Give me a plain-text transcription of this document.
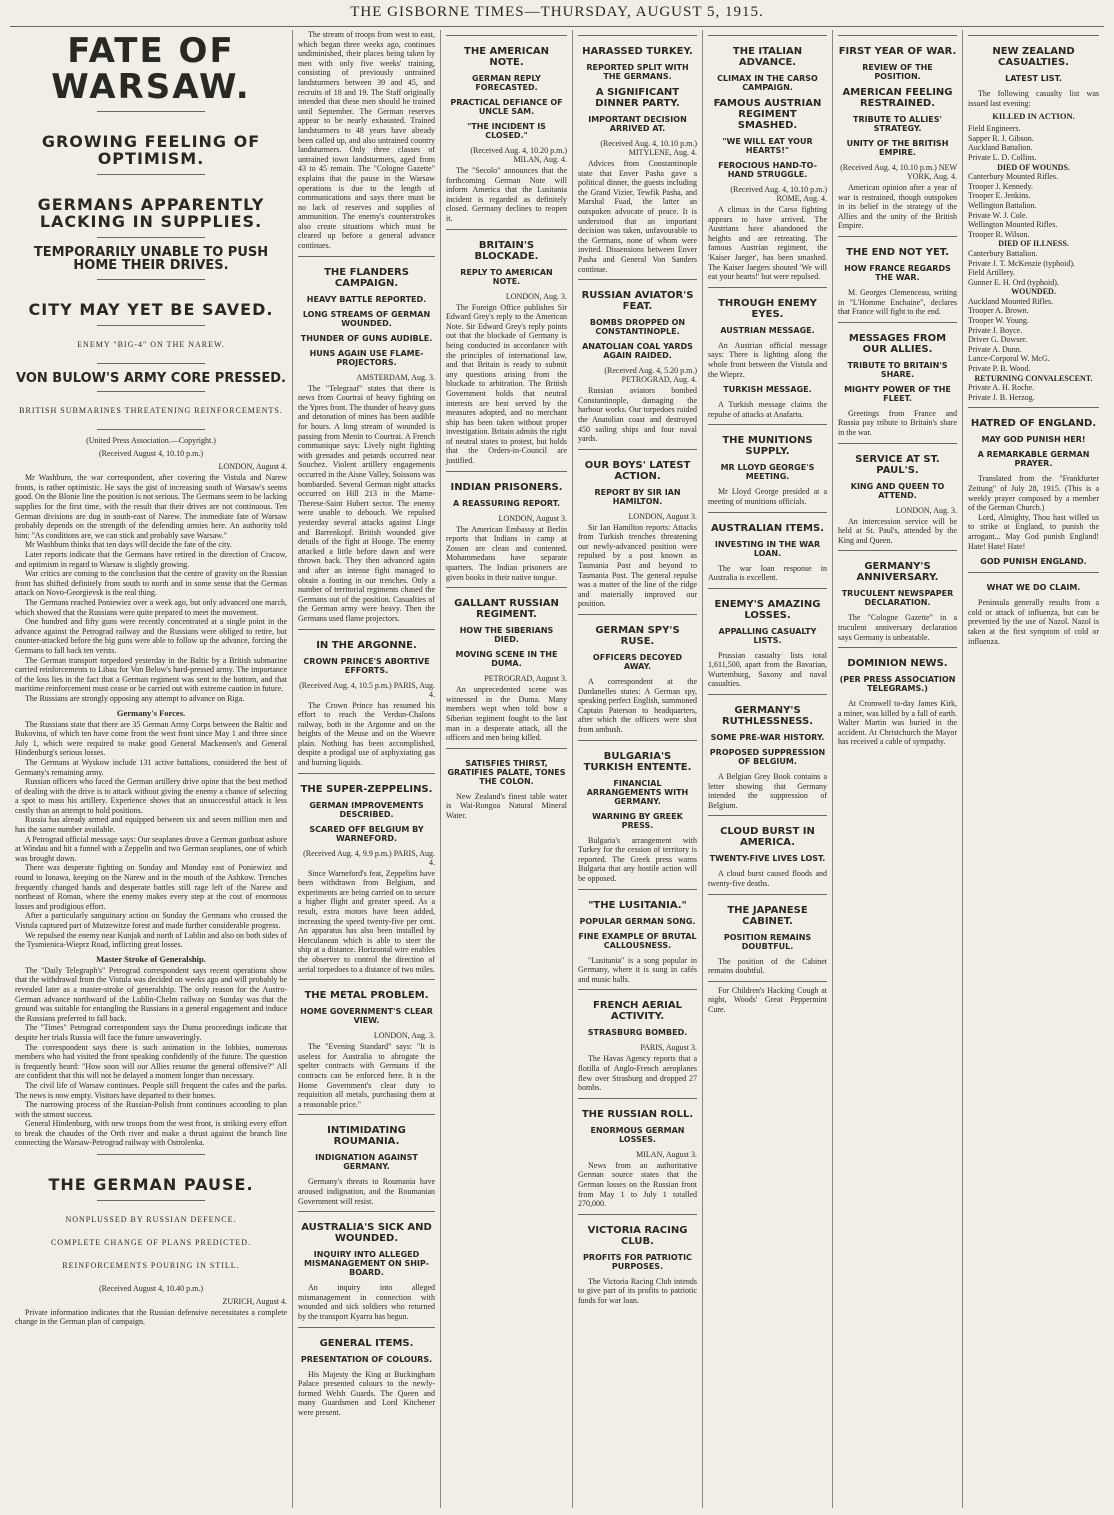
THE GISBORNE TIMES—THURSDAY, AUGUST 5, 1915.
FATE OF WARSAW.
GROWING FEELING OF OPTIMISM.
GERMANS APPARENTLY LACKING IN SUPPLIES.
TEMPORARILY UNABLE TO PUSH HOME THEIR DRIVES.
CITY MAY YET BE SAVED.
ENEMY "BIG-4" ON THE NAREW.
VON BULOW'S ARMY CORE PRESSED.
BRITISH SUBMARINES THREATENING REINFORCEMENTS.
(United Press Association.—Copyright.)
(Received August 4, 10.10 p.m.)
LONDON, August 4.

Mr Washburn, the war correspondent, after covering the Vistula and Narew fronts, is rather optimistic. He says the gist of increasing south of Warsaw's seems good. On the Blonie line the position is not serious. The Germans seem to be lacking supplies for the first time, with the result that their drives are not continuous. Ten German divisions are dug in south-east of Narew. The immediate fate of Warsaw probably depends on the strength of the defending armies here. An authority told him: "As conditions are, we can stick and probably save Warsaw."

Mr Washburn thinks that ten days will decide the fate of the city.

Later reports indicate that the Germans have retired in the direction of Cracow, and optimism in regard to Warsaw is slightly growing.

War critics are coming to the conclusion that the centre of gravity on the Russian front has shifted definitely from south to north and in some sense that the German attack on Novo-Georgievsk is the real thing.

The Germans reached Poniewiez over a week ago, but only advanced one march, which showed that the Russians were quite prepared to meet the movement.

One hundred and fifty guns were recently concentrated at a single point in the advance against the Petrograd railway and the Russians were obliged to retire, but counter-attacked before the big guns were able to follow up the advance, forcing the Germans to fall back ten versts.

The German transport torpedoed yesterday in the Baltic by a British submarine carried reinforcements to Libau for Von Below's hard-pressed army. The importance of the loss lies in the fact that a German regiment was sent to the bottom, and that maritime reinforcement must cease or be carried out with extreme caution in future.

The Russians are strongly opposing any attempt to advance on Riga.

Germany's Forces.

The Russians state that there are 35 German Army Corps between the Baltic and Bukovina, of which ten have come from the west front since May 1 and three since July 1, which were required to make good General Mackensen's and General Hindenburg's serious losses.

The Germans at Wyskow include 131 active battalions, considered the best of Germany's remaining army.

Russian officers who faced the German artillery drive opine that the best method of dealing with the drive is to attack without giving the enemy a chance of selecting a spot to mass his artillery. Experience shows that an unsuccessful attack is less costly than an attempt to hold positions.

Russia has already armed and equipped between six and seven million men and has the same number available.

A Petrograd official message says: Our seaplanes drove a German gunboat ashore at Windau and hit a funnel with a Zeppelin and two German seaplanes, one of which was brought down.

There was desperate fighting on Sunday and Monday east of Poniewiez and round to Ionawa, keeping on the Narew and in the mouth of the Ashkow. Trenches frequently changed hands and desperate battles still rage left of the Narew and northeast of Roman, where the enemy makes every step at the cost of enormous losses and prodigious effort.

After a particularly sanguinary action on Sunday the Germans who crossed the Vistula captured part of Mutzewitze forest and made further considerable progress.

We repulsed the enemy near Kunjak and north of Lublin and also on both sides of the Tysmienica-Wieprz Road, inflicting great losses.

Master Stroke of Generalship.

The "Daily Telegraph's" Petrograd correspondent says recent operations show that the withdrawal from the Vistula was decided on weeks ago and will probably be revealed later as a master-stroke of generalship. The only reason for the Austro-German advance northward of the Lublin-Chelm railway on Sunday was that the ground was suitable for entangling the Russians in a general engagement and induce the Russians preferred to fall back.

The "Times" Petrograd correspondent says the Duma proceedings indicate that despite her trials Russia will face the future unwaveringly.

The correspondent says there is such animation in the lobbies, numerous members who had visited the front speaking confidently of the future. The question is frequently heard: "How soon will our Allies resume the general offensive?" All are confident that this will not be delayed a moment longer than necessary.

The civil life of Warsaw continues. People still frequent the cafes and the parks. The news is now empty. Visitors have departed to their homes.

The narrowing process of the Russian-Polish front continues according to plan with the utmost success.

General Hindenburg, with new troops from the west front, is striking every effort to break the chaudes of the Orth river and make a thrust against the branch line connecting the Warsaw-Petrograd railway with Ostrolenka.

THE GERMAN PAUSE.
NONPLUSSED BY RUSSIAN DEFENCE.
COMPLETE CHANGE OF PLANS PREDICTED.
REINFORCEMENTS POURING IN STILL.
(Received August 4, 10.40 p.m.)
ZURICH, August 4.

Private information indicates that the Russian defensive necessitates a complete change in the German plan of campaign.

The stream of troops from west to east, which began three weeks ago, continues undiminished, their places being taken by men with only five weeks' training, consisting of previously untrained landsturmers between 39 and 45, and recruits of 18 and 19. The Staff originally intended that these men should be trained until September. The German reserves appear to be nearly exhausted. Trained landsturmers to 48 years have already been called up, and also untrained country landsturmers. Only three classes of untrained town landsturmers, aged from 43 to 45 remain. The "Cologne Gazette" explains that the pause in the Warsaw operations is due to the length of communications and says there must be no lack of reserves and supplies of ammunition. The enemy's counterstrokes also create situations which must be cleared up before a general advance continues.

THE FLANDERS CAMPAIGN.
HEAVY BATTLE REPORTED.
LONG STREAMS OF GERMAN WOUNDED.
THUNDER OF GUNS AUDIBLE.
HUNS AGAIN USE FLAME-PROJECTORS.
AMSTERDAM, Aug. 3.

The "Telegraaf" states that there is news from Courtrai of heavy fighting on the Ypres front. The thunder of heavy guns and detonation of mines has been audible for hours. A long stream of wounded is passing from Menin to Courtrai. A French communique says: Lively night fighting with grenades and petards occurred near Souchez. Violent artillery engagements occurred in the Aisne Valley, Soissons was bombarded. Several German night attacks occurred on Hill 213 in the Marne-Therese-Saint Hubert sector. The enemy were unable to debouch. We repulsed yesterday several attacks against Linge and Barrenkopf. British wounded give details of the fight at Hooge. The enemy attacked a little before dawn and were thrown back. They then advanced again and after an intense fight managed to obtain a footing in our trenches. Only a number of territorial regiments chased the Germans out of the position. Casualties of the German army were heavy. Then the Germans used flame projectors.

IN THE ARGONNE.
CROWN PRINCE'S ABORTIVE EFFORTS.
(Received Aug. 4, 10.5 p.m.) PARIS, Aug. 4.

The Crown Prince has resumed his effort to reach the Verdun-Chalons railway, both in the Argonne and on the heights of the Meuse and on the Woevre plain. Nothing has been accomplished, despite a prodigal use of asphyxiating gas and burning liquids.

THE SUPER-ZEPPELINS.
GERMAN IMPROVEMENTS DESCRIBED.
SCARED OFF BELGIUM BY WARNEFORD.
(Received Aug. 4, 9.9 p.m.) PARIS, Aug. 4.

Since Warneford's feat, Zeppelins have been withdrawn from Belgium, and experiments are being carried on to secure a higher flight and greater speed. As a result, extra motors have been added, increasing the speed twenty-five per cent. An apparatus has also been installed by Herculanean which is able to steer the ship at a distance. Horizontal wire enables the observer to control the direction of aerial torpedoes to a distance of two miles.

THE METAL PROBLEM.
HOME GOVERNMENT'S CLEAR VIEW.
LONDON, Aug. 3.

The "Evening Standard" says: "It is useless for Australia to abrogate the spelter contracts with Germans if the contracts can be enforced here. It is the Home Government's clear duty to requisition all metals, purchasing them at a reasonable price."

INTIMIDATING ROUMANIA.
INDIGNATION AGAINST GERMANY.

Germany's threats to Roumania have aroused indignation, and the Roumanian Government will resist.

AUSTRALIA'S SICK AND WOUNDED.
INQUIRY INTO ALLEGED MISMANAGEMENT ON SHIP-BOARD.

An inquiry into alleged mismanagement in connection with wounded and sick soldiers who returned by the transport Kyarra has begun.

GENERAL ITEMS.
PRESENTATION OF COLOURS.

His Majesty the King at Buckingham Palace presented colours to the newly-formed Welsh Guards. The Queen and many Guardsmen and Lord Kitchener were present.

THE AMERICAN NOTE.
GERMAN REPLY FORECASTED.
PRACTICAL DEFIANCE OF UNCLE SAM.
"THE INCIDENT IS CLOSED."
(Received Aug. 4, 10.20 p.m.) MILAN, Aug. 4.

The "Secolo" announces that the forthcoming German Note will inform America that the Lusitania incident is regarded as definitely closed. Germany declines to reopen it.

BRITAIN'S BLOCKADE.
REPLY TO AMERICAN NOTE.
LONDON, Aug. 3.

The Foreign Office publishes Sir Edward Grey's reply to the American Note. Sir Edward Grey's reply points out that the blockade of Germany is being conducted in accordance with the principles of international law, and that Britain is ready to submit any questions arising from the blockade to arbitration. The British Government holds that neutral interests are best served by the measures adopted, and no merchant ship has been taken without proper investigation. Britain admits the right of neutral states to protest, but holds that the Orders-in-Council are justified.

INDIAN PRISONERS.
A REASSURING REPORT.
LONDON, August 3.

The American Embassy at Berlin reports that Indians in camp at Zossen are clean and contented. Mohammedans have separate quarters. The Indian prisoners are given books in their native tongue.

GALLANT RUSSIAN REGIMENT.
HOW THE SIBERIANS DIED.
MOVING SCENE IN THE DUMA.
PETROGRAD, August 3.

An unprecedented scene was witnessed in the Duma. Many members wept when told how a Siberian regiment fought to the last man in a desperate attack, all the officers and men being killed.

SATISFIES THIRST, GRATIFIES PALATE, TONES THE COLON.

New Zealand's finest table water is Wai-Rongoa Natural Mineral Water.

HARASSED TURKEY.
REPORTED SPLIT WITH THE GERMANS.
A SIGNIFICANT DINNER PARTY.
IMPORTANT DECISION ARRIVED AT.
(Received Aug. 4, 10.10 p.m.) MITYLENE, Aug. 4.

Advices from Constantinople state that Enver Pasha gave a political dinner, the guests including the Grand Vizier, Tewfik Pasha, and Marshal Fuad, the latter an outspoken advocate of peace. It is understood that an important decision was taken, unfavourable to the Germans, none of whom were invited. Dissensions between Enver Pasha and General Von Sanders continue.

RUSSIAN AVIATOR'S FEAT.
BOMBS DROPPED ON CONSTANTINOPLE.
ANATOLIAN COAL YARDS AGAIN RAIDED.
(Received Aug. 4, 5.20 p.m.) PETROGRAD, Aug. 4.

Russian aviators bombed Constantinople, damaging the harbour works. Our torpedoes raided the Anatolian coast and destroyed 450 sailing ships and four naval yards.

OUR BOYS' LATEST ACTION.
REPORT BY SIR IAN HAMILTON.
LONDON, August 3.

Sir Ian Hamilton reports: Attacks from Turkish trenches threatening our newly-advanced position were repulsed by a post known as Tasmania Post and beyond to Tasmania Post. The general repulse was a matter of the line of the ridge and materially improved our position.

GERMAN SPY'S RUSE.
OFFICERS DECOYED AWAY.

A correspondent at the Dardanelles states: A German spy, speaking perfect English, summoned Captain Paterson to headquarters, after which the officers were shot from ambush.

BULGARIA'S TURKISH ENTENTE.
FINANCIAL ARRANGEMENTS WITH GERMANY.
WARNING BY GREEK PRESS.

Bulgaria's arrangement with Turkey for the cession of territory is reported. The Greek press warns Bulgaria that any hostile action will be opposed.

"THE LUSITANIA."
POPULAR GERMAN SONG.
FINE EXAMPLE OF BRUTAL CALLOUSNESS.

"Lusitania" is a song popular in Germany, where it is sung in cafés and music halls.

FRENCH AERIAL ACTIVITY.
STRASBURG BOMBED.
PARIS, August 3.

The Havas Agency reports that a flotilla of Anglo-French aeroplanes flew over Strasburg and dropped 27 bombs.

THE RUSSIAN ROLL.
ENORMOUS GERMAN LOSSES.
MILAN, August 3.

News from an authoritative German source states that the German losses on the Russian front from May 1 to July 1 totalled 270,000.

VICTORIA RACING CLUB.
PROFITS FOR PATRIOTIC PURPOSES.

The Victoria Racing Club intends to give part of its profits to patriotic funds for war loan.

THE ITALIAN ADVANCE.
CLIMAX IN THE CARSO CAMPAIGN.
FAMOUS AUSTRIAN REGIMENT SMASHED.
"WE WILL EAT YOUR HEARTS!"
FEROCIOUS HAND-TO-HAND STRUGGLE.
(Received Aug. 4, 10.10 p.m.) ROME, Aug. 4.

A climax in the Carso fighting appears to have arrived. The Austrians have abandoned the heights and are retreating. The famous Austrian regiment, the 'Kaiser Jaeger', has been smashed. The Kaiser Jaegers shouted 'We will eat your hearts!' but were repulsed.

THROUGH ENEMY EYES.
AUSTRIAN MESSAGE.

An Austrian official message says: There is lighting along the whole front between the Vistula and the Wieprz.

TURKISH MESSAGE.

A Turkish message claims the repulse of attacks at Anafarta.

THE MUNITIONS SUPPLY.
MR LLOYD GEORGE'S MEETING.

Mr Lloyd George presided at a meeting of munitions officials.

AUSTRALIAN ITEMS.
INVESTING IN THE WAR LOAN.

The war loan response in Australia is excellent.

ENEMY'S AMAZING LOSSES.
APPALLING CASUALTY LISTS.

Prussian casualty lists total 1,611,500, apart from the Bavarian, Wurtemburg, Saxony and naval casualties.

GERMANY'S RUTHLESSNESS.
SOME PRE-WAR HISTORY.
PROPOSED SUPPRESSION OF BELGIUM.

A Belgian Grey Book contains a letter showing that Germany intended the suppression of Belgium.

CLOUD BURST IN AMERICA.
TWENTY-FIVE LIVES LOST.

A cloud burst caused floods and twenty-five deaths.

THE JAPANESE CABINET.
POSITION REMAINS DOUBTFUL.

The position of the Cabinet remains doubtful.

For Children's Hacking Cough at night, Woods' Great Peppermint Cure.

FIRST YEAR OF WAR.
REVIEW OF THE POSITION.
AMERICAN FEELING RESTRAINED.
TRIBUTE TO ALLIES' STRATEGY.
UNITY OF THE BRITISH EMPIRE.
(Received Aug. 4, 10.10 p.m.) NEW YORK, Aug. 4.

American opinion after a year of war is restrained, though outspoken in its belief in the strategy of the Allies and the unity of the British Empire.

THE END NOT YET.
HOW FRANCE REGARDS THE WAR.

M. Georges Clemenceau, writing in "L'Homme Enchaine", declares that France will fight to the end.

MESSAGES FROM OUR ALLIES.
TRIBUTE TO BRITAIN'S SHARE.
MIGHTY POWER OF THE FLEET.

Greetings from France and Russia pay tribute to Britain's share in the war.

SERVICE AT ST. PAUL'S.
KING AND QUEEN TO ATTEND.
LONDON, Aug. 3.

An intercession service will be held at St. Paul's, attended by the King and Queen.

GERMANY'S ANNIVERSARY.
TRUCULENT NEWSPAPER DECLARATION.

The "Cologne Gazette" in a truculent anniversary declaration says Germany is unbeatable.

DOMINION NEWS.
(PER PRESS ASSOCIATION TELEGRAMS.)

At Cromwell to-day James Kirk, a miner, was killed by a fall of earth. Walter Martin was buried in the accident. At Christchurch the Mayor has received a cable of sympathy.

NEW ZEALAND CASUALTIES.
LATEST LIST.

The following casualty list was issued last evening:

KILLED IN ACTION.

Field Engineers.

Sapper R. J. Gibson.

Auckland Battalion.

Private L. D. Collins.

DIED OF WOUNDS.

Canterbury Mounted Rifles.

Trooper J. Kennedy.

Trooper E. Jenkins.

Wellington Battalion.

Private W. J. Cole.

Wellington Mounted Rifles.

Trooper R. Wilson.

DIED OF ILLNESS.

Canterbury Battalion.

Private J. T. McKenzie (typhoid).

Field Artillery.

Gunner E. H. Ord (typhoid).

WOUNDED.

Auckland Mounted Rifles.

Trooper A. Brown.

Trooper W. Young.

Private J. Boyce.

Driver G. Dowser.

Private A. Dunn.

Lance-Corporal W. McG.

Private P. B. Wood.

RETURNING CONVALESCENT.

Private A. H. Roche.

Private J. B. Herzog.

HATRED OF ENGLAND.
MAY GOD PUNISH HER!
A REMARKABLE GERMAN PRAYER.

Translated from the "Frankfurter Zeitung" of July 28, 1915. (This is a weekly prayer composed by a member of the German Church.)

Lord, Almighty, Thou hast willed us to strike at England, to punish the arrogant... May God punish England! Hate! Hate! Hate!

GOD PUNISH ENGLAND.
WHAT WE DO CLAIM.

Peninsula generally results from a cold or attack of influenza, but can be prevented by the use of Nazol. Nazol is taken at the first symptom of cold or influenza.
